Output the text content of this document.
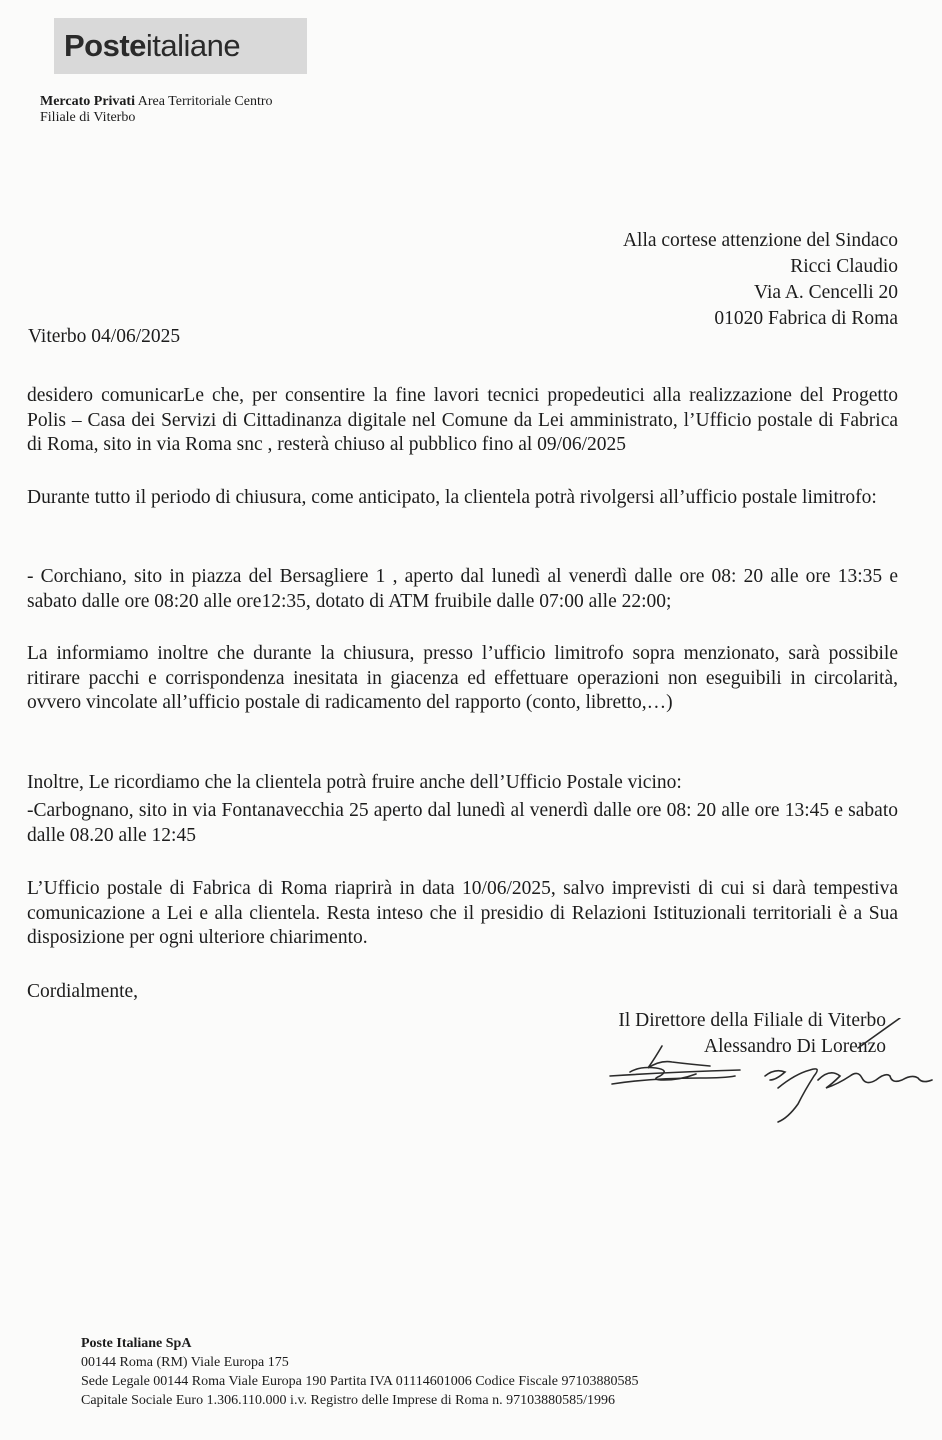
Posteitaliane
Mercato Privati Area Territoriale Centro
Filiale di Viterbo
Alla cortese attenzione del Sindaco
Ricci Claudio
Via A. Cencelli 20
01020 Fabrica di Roma
Viterbo 04/06/2025

desidero comunicarLe che, per consentire la fine lavori tecnici propedeutici alla realizzazione del Progetto Polis – Casa dei Servizi di Cittadinanza digitale nel Comune da Lei amministrato, l’Ufficio postale di Fabrica di Roma, sito in via Roma snc , resterà chiuso al pubblico fino al 09/06/2025

Durante tutto il periodo di chiusura, come anticipato, la clientela potrà rivolgersi all’ufficio postale limitrofo:

- Corchiano, sito in piazza del Bersagliere 1 , aperto dal lunedì al venerdì dalle ore 08: 20 alle ore 13:35 e sabato dalle ore 08:20 alle ore12:35, dotato di ATM fruibile dalle 07:00 alle 22:00;

La informiamo inoltre che durante la chiusura, presso l’ufficio limitrofo sopra menzionato, sarà possibile ritirare pacchi e corrispondenza inesitata in giacenza ed effettuare operazioni non eseguibili in circolarità, ovvero vincolate all’ufficio postale di radicamento del rapporto (conto, libretto,…)

Inoltre, Le ricordiamo che la clientela potrà fruire anche dell’Ufficio Postale vicino:

-Carbognano, sito in via Fontanavecchia 25 aperto dal lunedì al venerdì dalle ore 08: 20 alle ore 13:45 e sabato dalle 08.20 alle 12:45

L’Ufficio postale di Fabrica di Roma riaprirà in data 10/06/2025, salvo imprevisti di cui si darà tempestiva comunicazione a Lei e alla clientela. Resta inteso che il presidio di Relazioni Istituzionali territoriali è a Sua disposizione per ogni ulteriore chiarimento.

Cordialmente,
Il Direttore della Filiale di Viterbo
Alessandro Di Lorenzo
Poste Italiane SpA
00144 Roma (RM) Viale Europa 175
Sede Legale 00144 Roma Viale Europa 190 Partita IVA 01114601006 Codice Fiscale 97103880585
Capitale Sociale Euro 1.306.110.000 i.v. Registro delle Imprese di Roma n. 97103880585/1996
